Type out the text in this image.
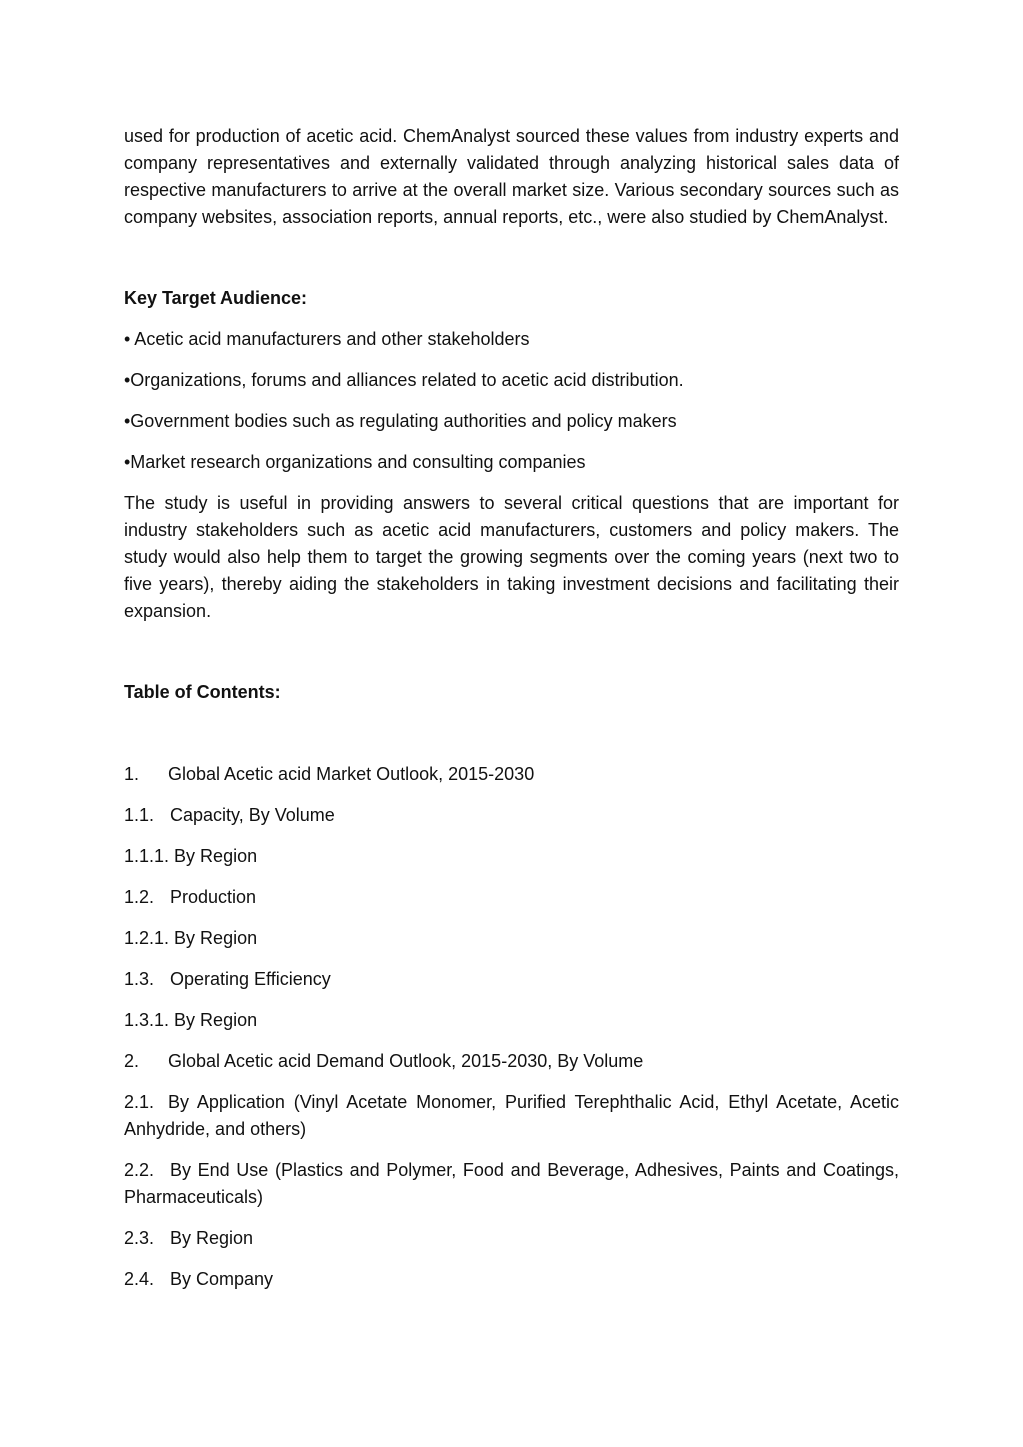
used for production of acetic acid. ChemAnalyst sourced these values from industry experts and company representatives and externally validated through analyzing historical sales data of respective manufacturers to arrive at the overall market size. Various secondary sources such as company websites, association reports, annual reports, etc., were also studied by ChemAnalyst.

Key Target Audience:

• Acetic acid manufacturers and other stakeholders

•Organizations, forums and alliances related to acetic acid distribution.

•Government bodies such as regulating authorities and policy makers

•Market research organizations and consulting companies

The study is useful in providing answers to several critical questions that are important for industry stakeholders such as acetic acid manufacturers, customers and policy makers. The study would also help them to target the growing segments over the coming years (next two to five years), thereby aiding the stakeholders in taking investment decisions and facilitating their expansion.

Table of Contents:

1. Global Acetic acid Market Outlook, 2015-2030

1.1. Capacity, By Volume

1.1.1. By Region

1.2. Production

1.2.1. By Region

1.3. Operating Efficiency

1.3.1. By Region

2. Global Acetic acid Demand Outlook, 2015-2030, By Volume

2.1. By Application (Vinyl Acetate Monomer, Purified Terephthalic Acid, Ethyl Acetate, Acetic Anhydride, and others)

2.2. By End Use (Plastics and Polymer, Food and Beverage, Adhesives, Paints and Coatings, Pharmaceuticals)

2.3. By Region

2.4. By Company
